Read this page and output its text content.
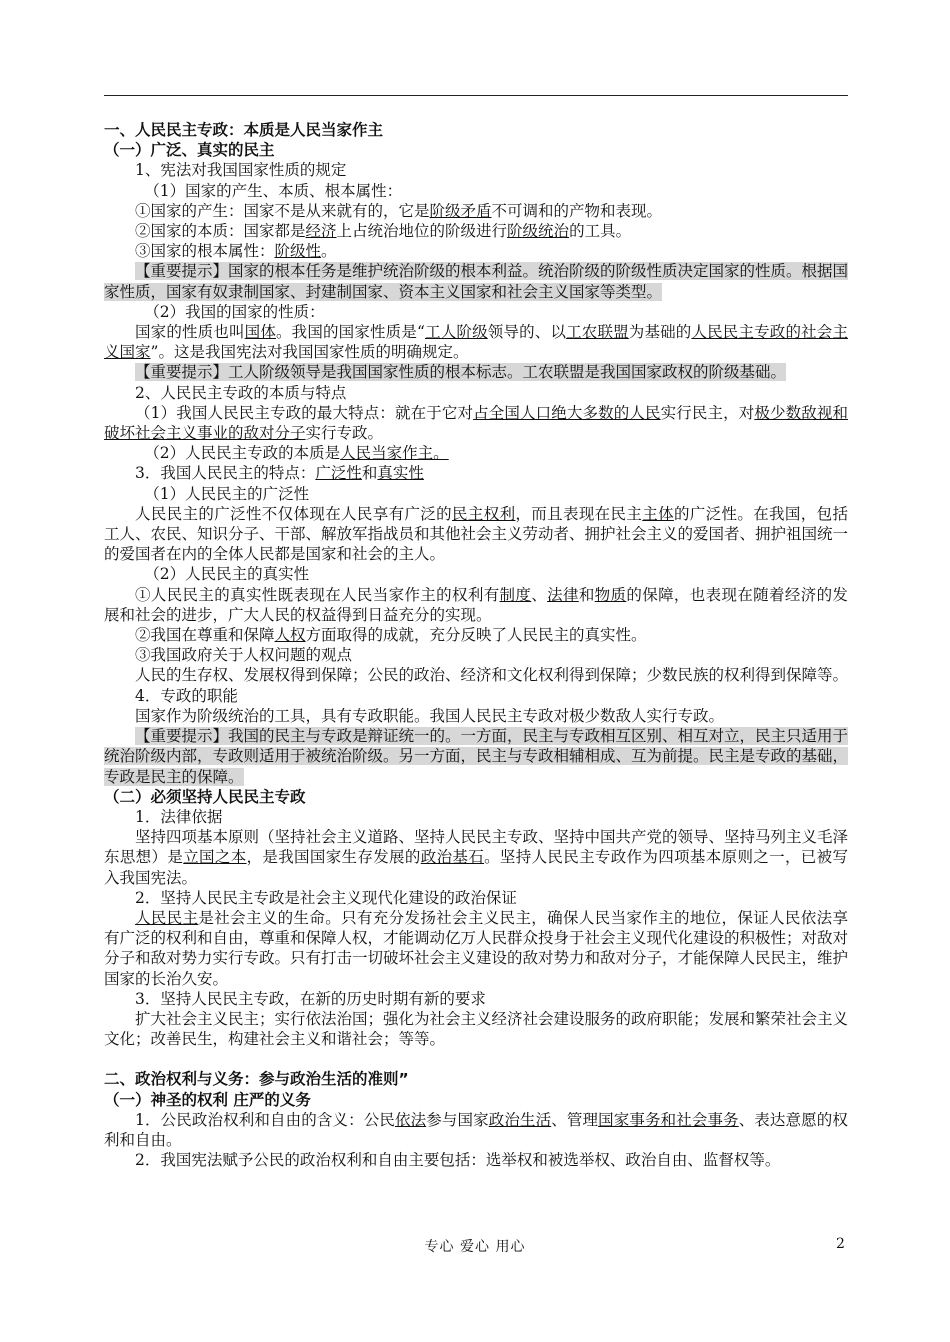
一、人民民主专政：本质是人民当家作主

（一）广泛、真实的民主

1、宪法对我国国家性质的规定

（1）国家的产生、本质、根本属性：

①国家的产生：国家不是从来就有的，它是阶级矛盾不可调和的产物和表现。

②国家的本质：国家都是经济上占统治地位的阶级进行阶级统治的工具。

③国家的根本属性：阶级性。

【重要提示】国家的根本任务是维护统治阶级的根本利益。统治阶级的阶级性质决定国家的性质。根据国家性质，国家有奴隶制国家、封建制国家、资本主义国家和社会主义国家等类型。

（2）我国的国家的性质：

国家的性质也叫国体。我国的国家性质是“工人阶级领导的、以工农联盟为基础的人民民主专政的社会主义国家”。这是我国宪法对我国国家性质的明确规定。

【重要提示】工人阶级领导是我国国家性质的根本标志。工农联盟是我国国家政权的阶级基础。

2、人民民主专政的本质与特点

（1）我国人民民主专政的最大特点：就在于它对占全国人口绝大多数的人民实行民主，对极少数敌视和破坏社会主义事业的敌对分子实行专政。

（2）人民民主专政的本质是人民当家作主。

3．我国人民民主的特点：广泛性和真实性

（1）人民民主的广泛性

人民民主的广泛性不仅体现在人民享有广泛的民主权利，而且表现在民主主体的广泛性。在我国，包括工人、农民、知识分子、干部、解放军指战员和其他社会主义劳动者、拥护社会主义的爱国者、拥护祖国统一的爱国者在内的全体人民都是国家和社会的主人。

（2）人民民主的真实性

①人民民主的真实性既表现在人民当家作主的权利有制度、法律和物质的保障，也表现在随着经济的发展和社会的进步，广大人民的权益得到日益充分的实现。

②我国在尊重和保障人权方面取得的成就，充分反映了人民民主的真实性。

③我国政府关于人权问题的观点

人民的生存权、发展权得到保障；公民的政治、经济和文化权利得到保障；少数民族的权利得到保障等。

4．专政的职能

国家作为阶级统治的工具，具有专政职能。我国人民民主专政对极少数敌人实行专政。

【重要提示】我国的民主与专政是辩证统一的。一方面，民主与专政相互区别、相互对立，民主只适用于统治阶级内部，专政则适用于被统治阶级。另一方面，民主与专政相辅相成、互为前提。民主是专政的基础，专政是民主的保障。

（二）必须坚持人民民主专政

1．法律依据

坚持四项基本原则（坚持社会主义道路、坚持人民民主专政、坚持中国共产党的领导、坚持马列主义毛泽东思想）是立国之本，是我国国家生存发展的政治基石。坚持人民民主专政作为四项基本原则之一，已被写入我国宪法。

2．坚持人民民主专政是社会主义现代化建设的政治保证

人民民主是社会主义的生命。只有充分发扬社会主义民主，确保人民当家作主的地位，保证人民依法享有广泛的权利和自由，尊重和保障人权，才能调动亿万人民群众投身于社会主义现代化建设的积极性；对敌对分子和敌对势力实行专政。只有打击一切破坏社会主义建设的敌对势力和敌对分子，才能保障人民民主，维护国家的长治久安。

3．坚持人民民主专政，在新的历史时期有新的要求

扩大社会主义民主；实行依法治国；强化为社会主义经济社会建设服务的政府职能；发展和繁荣社会主义文化；改善民生，构建社会主义和谐社会；等等。

二、政治权利与义务：参与政治生活的准则”

（一）神圣的权利 庄严的义务

1．公民政治权利和自由的含义：公民依法参与国家政治生活、管理国家事务和社会事务、表达意愿的权利和自由。

2．我国宪法赋予公民的政治权利和自由主要包括：选举权和被选举权、政治自由、监督权等。

专心 爱心 用心	2
